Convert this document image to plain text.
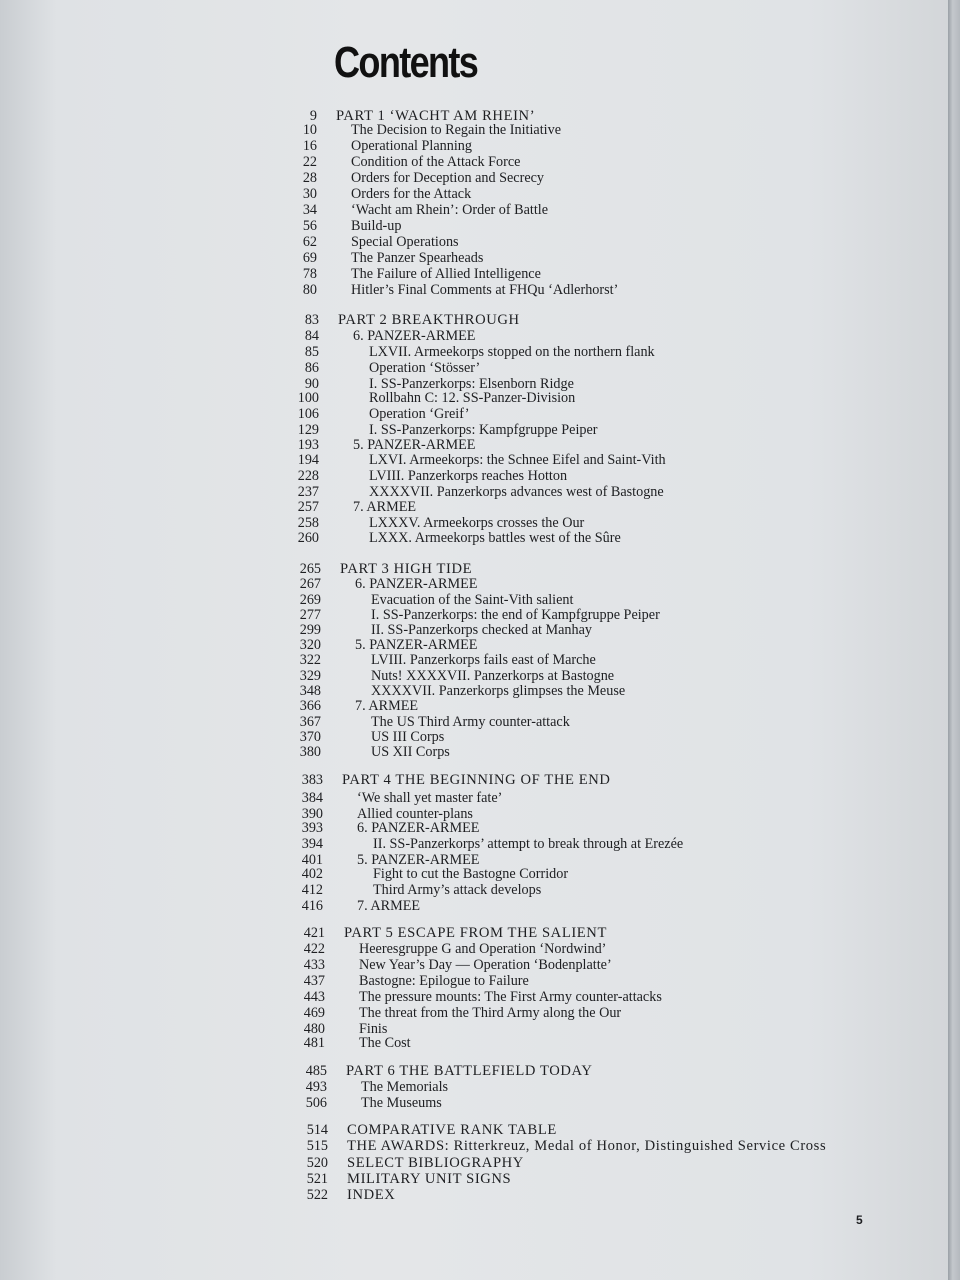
Contents
9 PART 1 ‘WACHT AM RHEIN’
10 The Decision to Regain the Initiative
16 Operational Planning
22 Condition of the Attack Force
28 Orders for Deception and Secrecy
30 Orders for the Attack
34 ‘Wacht am Rhein’: Order of Battle
56 Build-up
62 Special Operations
69 The Panzer Spearheads
78 The Failure of Allied Intelligence
80 Hitler’s Final Comments at FHQu ‘Adlerhorst’
83 PART 2 BREAKTHROUGH
84 6. PANZER-ARMEE
85	LXVII. Armeekorps stopped on the northern flank
86	Operation ‘Stösser’
90	I. SS-Panzerkorps: Elsenborn Ridge
100	Rollbahn C: 12. SS-Panzer-Division
106	Operation ‘Greif’
129	I. SS-Panzerkorps: Kampfgruppe Peiper
193 5. PANZER-ARMEE
194	LXVI. Armeekorps: the Schnee Eifel and Saint-Vith
228	LVIII. Panzerkorps reaches Hotton
237	XXXXVII. Panzerkorps advances west of Bastogne
257 7. ARMEE
258	LXXXV. Armeekorps crosses the Our
260	LXXX. Armeekorps battles west of the Sûre
265 PART 3 HIGH TIDE
267 6. PANZER-ARMEE
269	Evacuation of the Saint-Vith salient
277	I. SS-Panzerkorps: the end of Kampfgruppe Peiper
299	II. SS-Panzerkorps checked at Manhay
320 5. PANZER-ARMEE
322	LVIII. Panzerkorps fails east of Marche
329	Nuts! XXXXVII. Panzerkorps at Bastogne
348	XXXXVII. Panzerkorps glimpses the Meuse
366 7. ARMEE
367	The US Third Army counter-attack
370	US III Corps
380	US XII Corps
383 PART 4 THE BEGINNING OF THE END
384 ‘We shall yet master fate’
390 Allied counter-plans
393 6. PANZER-ARMEE
394	II. SS-Panzerkorps’ attempt to break through at Erezée
401 5. PANZER-ARMEE
402	Fight to cut the Bastogne Corridor
412	Third Army’s attack develops
416 7. ARMEE
421 PART 5 ESCAPE FROM THE SALIENT
422 Heeresgruppe G and Operation ‘Nordwind’
433 New Year’s Day — Operation ‘Bodenplatte’
437 Bastogne: Epilogue to Failure
443 The pressure mounts: The First Army counter-attacks
469 The threat from the Third Army along the Our
480 Finis
481 The Cost
485 PART 6 THE BATTLEFIELD TODAY
493 The Memorials
506 The Museums
514 COMPARATIVE RANK TABLE
515 THE AWARDS: Ritterkreuz, Medal of Honor, Distinguished Service Cross
520 SELECT BIBLIOGRAPHY
521 MILITARY UNIT SIGNS
522 INDEX
5
